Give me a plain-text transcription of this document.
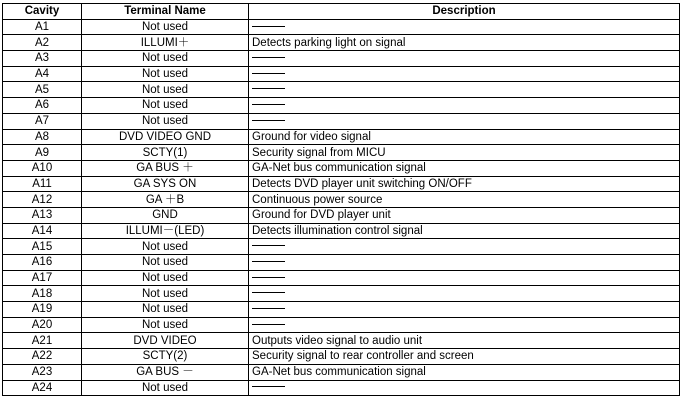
Cavity	Terminal Name	Description
A1	Not used	
A2	ILLUMI＋	Detects parking light on signal
A3	Not used	
A4	Not used	
A5	Not used	
A6	Not used	
A7	Not used	
A8	DVD VIDEO GND	Ground for video signal
A9	SCTY(1)	Security signal from MICU
A10	GA BUS ＋	GA-Net bus communication signal
A11	GA SYS ON	Detects DVD player unit switching ON/OFF
A12	GA ＋B	Continuous power source
A13	GND	Ground for DVD player unit
A14	ILLUMI－(LED)	Detects illumination control signal
A15	Not used	
A16	Not used	
A17	Not used	
A18	Not used	
A19	Not used	
A20	Not used	
A21	DVD VIDEO	Outputs video signal to audio unit
A22	SCTY(2)	Security signal to rear controller and screen
A23	GA BUS －	GA-Net bus communication signal
A24	Not used	
